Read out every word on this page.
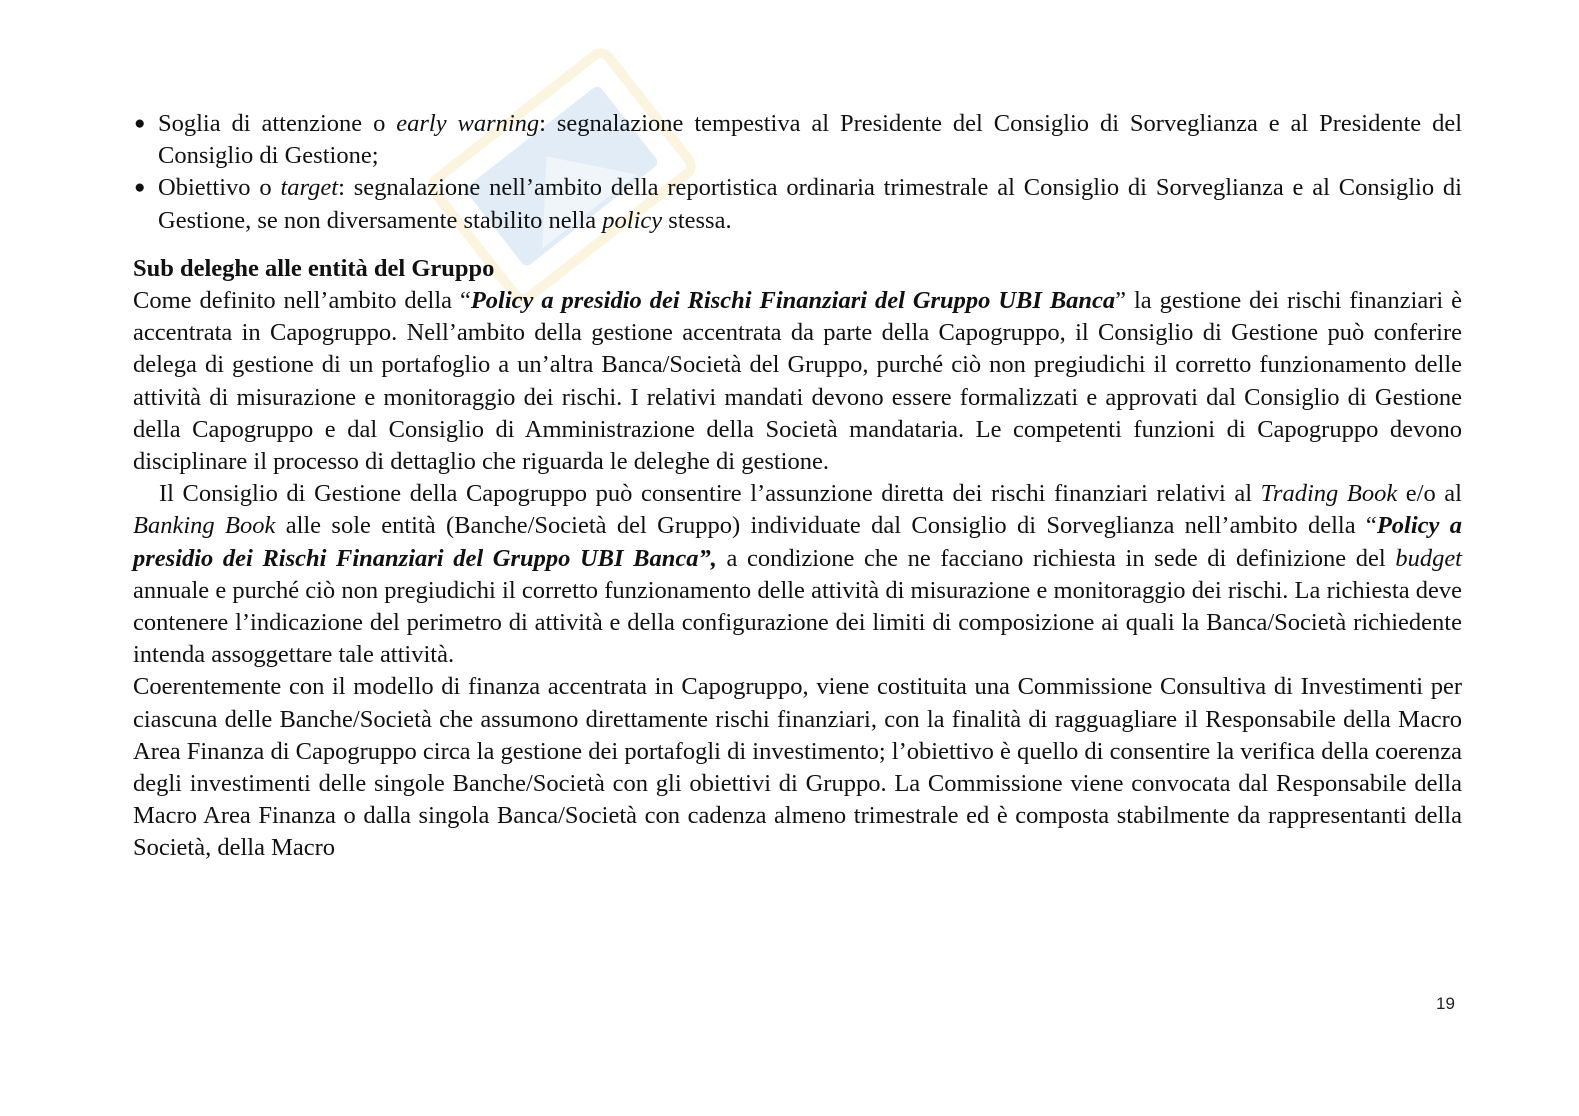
● Soglia di attenzione o early warning: segnalazione tempestiva al Presidente del Consiglio di Sorveglianza e al Presidente del Consiglio di Gestione;
● Obiettivo o target: segnalazione nell’ambito della reportistica ordinaria trimestrale al Consiglio di Sorveglianza e al Consiglio di Gestione, se non diversamente stabilito nella policy stessa.
Sub deleghe alle entità del Gruppo

Come definito nell’ambito della “Policy a presidio dei Rischi Finanziari del Gruppo UBI Banca” la gestione dei rischi finanziari è accentrata in Capogruppo. Nell’ambito della gestione accentrata da parte della Capogruppo, il Consiglio di Gestione può conferire delega di gestione di un portafoglio a un’altra Banca/Società del Gruppo, purché ciò non pregiudichi il corretto funzionamento delle attività di misurazione e monitoraggio dei rischi. I relativi mandati devono essere formalizzati e approvati dal Consiglio di Gestione della Capogruppo e dal Consiglio di Amministrazione della Società mandataria. Le competenti funzioni di Capogruppo devono disciplinare il processo di dettaglio che riguarda le deleghe di gestione.

Il Consiglio di Gestione della Capogruppo può consentire l’assunzione diretta dei rischi finanziari relativi al Trading Book e/o al Banking Book alle sole entità (Banche/Società del Gruppo) individuate dal Consiglio di Sorveglianza nell’ambito della “Policy a presidio dei Rischi Finanziari del Gruppo UBI Banca”, a condizione che ne facciano richiesta in sede di definizione del budget annuale e purché ciò non pregiudichi il corretto funzionamento delle attività di misurazione e monitoraggio dei rischi. La richiesta deve contenere l’indicazione del perimetro di attività e della configurazione dei limiti di composizione ai quali la Banca/Società richiedente intenda assoggettare tale attività.

Coerentemente con il modello di finanza accentrata in Capogruppo, viene costituita una Commissione Consultiva di Investimenti per ciascuna delle Banche/Società che assumono direttamente rischi finanziari, con la finalità di ragguagliare il Responsabile della Macro Area Finanza di Capogruppo circa la gestione dei portafogli di investimento; l’obiettivo è quello di consentire la verifica della coerenza degli investimenti delle singole Banche/Società con gli obiettivi di Gruppo. La Commissione viene convocata dal Responsabile della Macro Area Finanza o dalla singola Banca/Società con cadenza almeno trimestrale ed è composta stabilmente da rappresentanti della Società, della Macro

19
